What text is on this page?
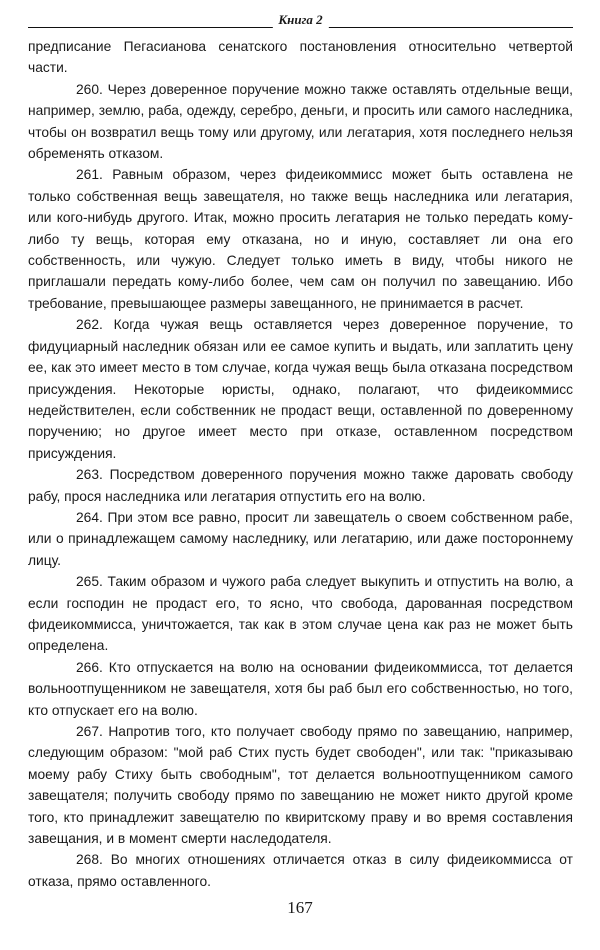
Книга 2

предписание Пегасианова сенатского постановления относительно четвертой части.

260. Через доверенное поручение можно также оставлять отдельные вещи, например, землю, раба, одежду, серебро, деньги, и просить или самого наследника, чтобы он возвратил вещь тому или другому, или легатария, хотя последнего нельзя обременять отказом.

261. Равным образом, через фидеикоммисс может быть оставлена не только собственная вещь завещателя, но также вещь наследника или легатария, или кого-нибудь другого. Итак, можно просить легатария не только передать кому-либо ту вещь, которая ему отказана, но и иную, составляет ли она его собственность, или чужую. Следует только иметь в виду, чтобы никого не приглашали передать кому-либо более, чем сам он получил по завещанию. Ибо требование, превышающее размеры завещанного, не принимается в расчет.

262. Когда чужая вещь оставляется через доверенное поручение, то фидуциарный наследник обязан или ее самое купить и выдать, или заплатить цену ее, как это имеет место в том случае, когда чужая вещь была отказана посредством присуждения. Некоторые юристы, однако, полагают, что фидеикоммисс недействителен, если собственник не продаст вещи, оставленной по доверенному поручению; но другое имеет место при отказе, оставленном посредством присуждения.

263. Посредством доверенного поручения можно также даровать свободу рабу, прося наследника или легатария отпустить его на волю.

264. При этом все равно, просит ли завещатель о своем собственном рабе, или о принадлежащем самому наследнику, или легатарию, или даже постороннему лицу.

265. Таким образом и чужого раба следует выкупить и отпустить на волю, а если господин не продаст его, то ясно, что свобода, дарованная посредством фидеикоммисса, уничтожается, так как в этом случае цена как раз не может быть определена.

266. Кто отпускается на волю на основании фидеикоммисса, тот делается вольноотпущенником не завещателя, хотя бы раб был его собственностью, но того, кто отпускает его на волю.

267. Напротив того, кто получает свободу прямо по завещанию, например, следующим образом: "мой раб Стих пусть будет свободен", или так: "приказываю моему рабу Стиху быть свободным", тот делается вольноотпущенником самого завещателя; получить свободу прямо по завещанию не может никто другой кроме того, кто принадлежит завещателю по квиритскому праву и во время составления завещания, и в момент смерти наследодателя.

268. Во многих отношениях отличается отказ в силу фидеикоммисса от отказа, прямо оставленного.

167
